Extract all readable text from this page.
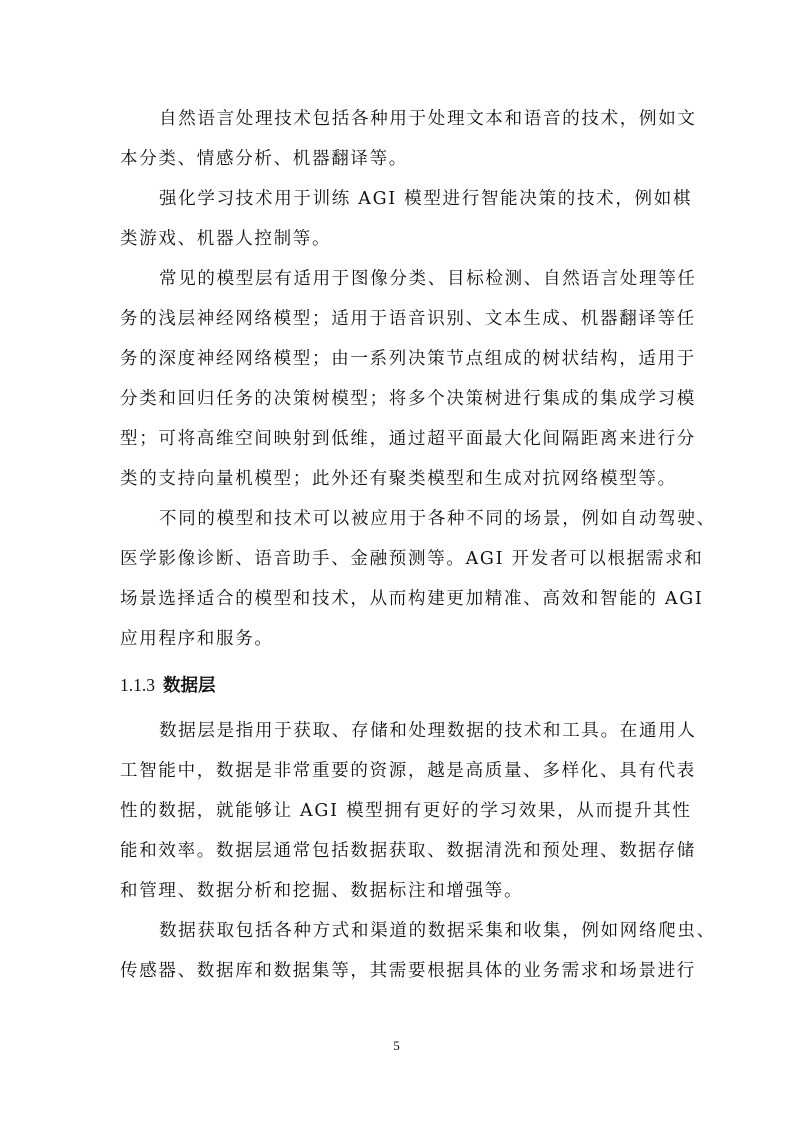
自然语言处理技术包括各种用于处理文本和语音的技术，例如文
本分类、情感分析、机器翻译等。

强化学习技术用于训练 AGI 模型进行智能决策的技术，例如棋
类游戏、机器人控制等。

常见的模型层有适用于图像分类、目标检测、自然语言处理等任
务的浅层神经网络模型；适用于语音识别、文本生成、机器翻译等任
务的深度神经网络模型；由一系列决策节点组成的树状结构，适用于
分类和回归任务的决策树模型；将多个决策树进行集成的集成学习模
型；可将高维空间映射到低维，通过超平面最大化间隔距离来进行分
类的支持向量机模型；此外还有聚类模型和生成对抗网络模型等。

不同的模型和技术可以被应用于各种不同的场景，例如自动驾驶、
医学影像诊断、语音助手、金融预测等。AGI 开发者可以根据需求和
场景选择适合的模型和技术，从而构建更加精准、高效和智能的 AGI
应用程序和服务。

1.1.3 数据层

数据层是指用于获取、存储和处理数据的技术和工具。在通用人
工智能中，数据是非常重要的资源，越是高质量、多样化、具有代表
性的数据，就能够让 AGI 模型拥有更好的学习效果，从而提升其性
能和效率。数据层通常包括数据获取、数据清洗和预处理、数据存储
和管理、数据分析和挖掘、数据标注和增强等。

数据获取包括各种方式和渠道的数据采集和收集，例如网络爬虫、
传感器、数据库和数据集等，其需要根据具体的业务需求和场景进行

5
